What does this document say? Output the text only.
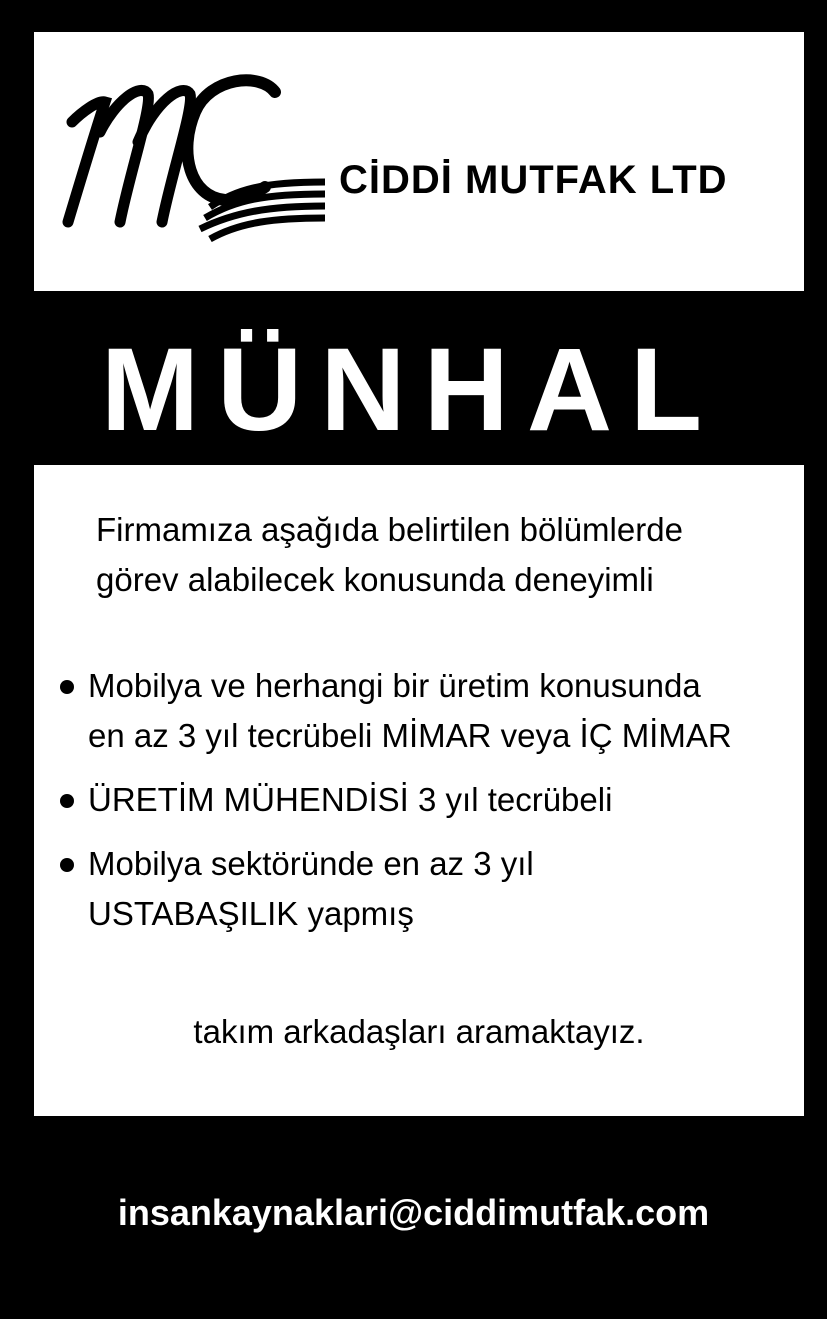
CİDDİ MUTFAK LTD
MÜNHAL

Firmamıza aşağıda belirtilen bölümlerde
görev alabilecek konusunda deneyimli

Mobilya ve herhangi bir üretim konusunda
en az 3 yıl tecrübeli MİMAR veya İÇ MİMAR
ÜRETİM MÜHENDİSİ 3 yıl tecrübeli
Mobilya sektöründe en az 3 yıl
USTABAŞILIK yapmış

takım arkadaşları aramaktayız.

insankaynaklari@ciddimutfak.com
